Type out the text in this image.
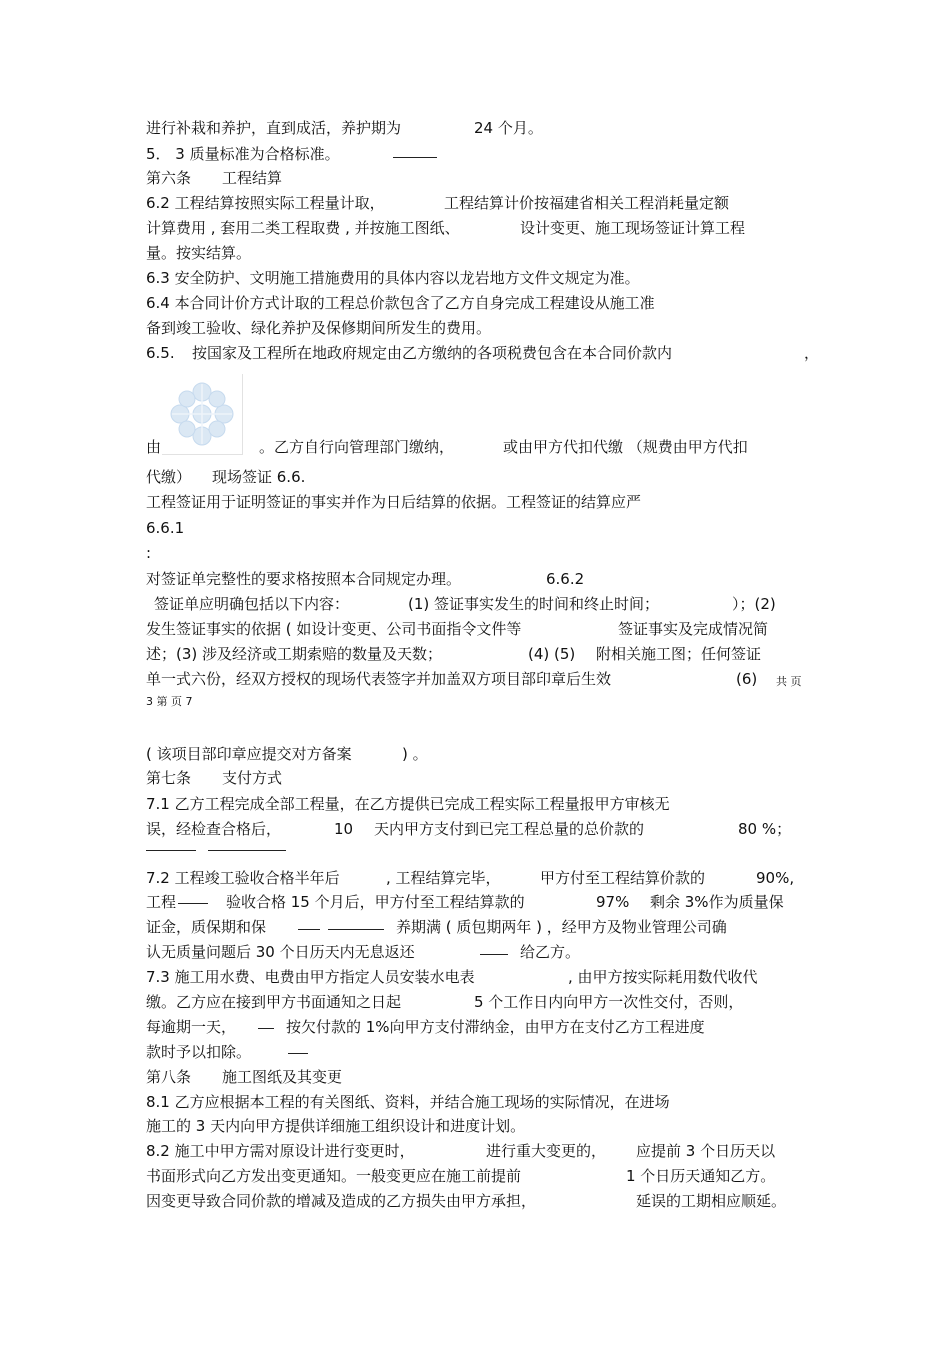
进行补栽和养护，直到成活，养护期为	24 个月。
5． 3 质量标准为合格标准。
第六条 工程结算
6.2 工程结算按照实际工程量计取，	工程结算计价按福建省相关工程消耗量定额
计算费用 , 套用二类工程取费 , 并按施工图纸、	设计变更、施工现场签证计算工程
量。按实结算。
6.3 安全防护、文明施工措施费用的具体内容以龙岩地方文件文规定为准。
6.4 本合同计价方式计取的工程总价款包含了乙方自身完成工程建设从施工准
备到竣工验收、绿化养护及保修期间所发生的费用。
6.5. 按国家及工程所在地政府规定由乙方缴纳的各项税费包含在本合同价款内	，
由	。乙方自行向管理部门缴纳，	或由甲方代扣代缴 （规费由甲方代扣
代缴） 现场签证 6.6.
工程签证用于证明签证的事实并作为日后结算的依据。工程签证的结算应严
6.6.1
:
对签证单完整性的要求格按照本合同规定办理。	6.6.2
签证单应明确包括以下内容：	(1) 签证事实发生的时间和终止时间；	）；(2)
发生签证事实的依据 ( 如设计变更、公司书面指令文件等	签证事实及完成情况简
述；(3) 涉及经济或工期索赔的数量及天数；	(4) (5) 附相关施工图；任何签证
单一式六份，经双方授权的现场代表签字并加盖双方项目部印章后生效	(6) 共 页
3 第 页 7
( 该项目部印章应提交对方备案	) 。
第七条 支付方式
7.1 乙方工程完成全部工程量，在乙方提供已完成工程实际工程量报甲方审核无
误，经检查合格后，	10 天内甲方支付到已完工程总量的总价款的	80 %；
7.2 工程竣工验收合格半年后	, 工程结算完毕，	甲方付至工程结算价款的	90%,
工程	验收合格 15 个月后，甲方付至工程结算款的	97% 剩余 3%作为质量保
证金，质保期和保	养期满 ( 质包期两年 ) ，经甲方及物业管理公司确
认无质量问题后 30 个日历天内无息返还	给乙方。
7.3 施工用水费、电费由甲方指定人员安装水电表	, 由甲方按实际耗用数代收代
缴。乙方应在接到甲方书面通知之日起	5 个工作日内向甲方一次性交付，否则，
每逾期一天，	按欠付款的 1%向甲方支付滞纳金，由甲方在支付乙方工程进度
款时予以扣除。
第八条 施工图纸及其变更
8.1 乙方应根据本工程的有关图纸、资料，并结合施工现场的实际情况，在进场
施工的 3 天内向甲方提供详细施工组织设计和进度计划。
8.2 施工中甲方需对原设计进行变更时，	进行重大变更的， 应提前 3 个日历天以
书面形式向乙方发出变更通知。一般变更应在施工前提前	1 个日历天通知乙方。
因变更导致合同价款的增减及造成的乙方损失由甲方承担，	延误的工期相应顺延。
